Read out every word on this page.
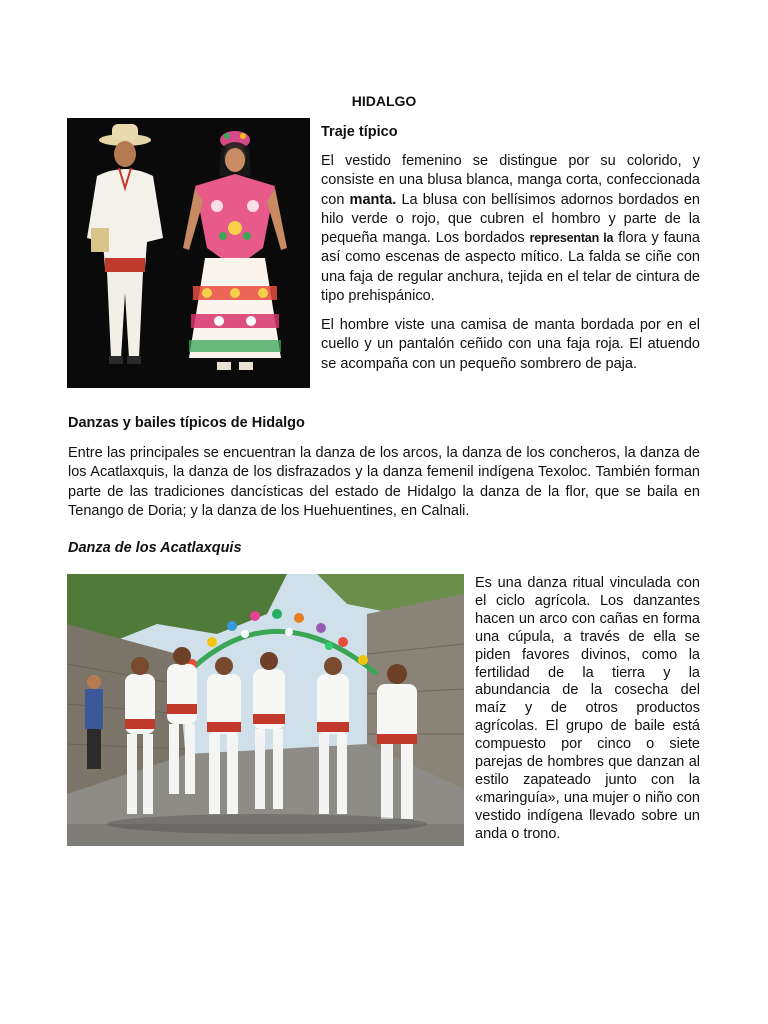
HIDALGO
Traje típico

El vestido femenino se distingue por su colorido, y consiste en una blusa blanca, manga corta, confeccionada con manta. La blusa con bellísimos adornos bordados en hilo verde o rojo, que cubren el hombro y parte de la pequeña manga. Los bordados representan la flora y fauna así como escenas de aspecto mítico. La falda se ciñe con una faja de regular anchura, tejida en el telar de cintura de tipo prehispánico.

El hombre viste una camisa de manta bordada por en el cuello y un pantalón ceñido con una faja roja. El atuendo se acompaña con un pequeño sombrero de paja.

Danzas y bailes típicos de Hidalgo

Entre las principales se encuentran la danza de los arcos, la danza de los concheros, la danza de los Acatlaxquis, la danza de los disfrazados y la danza femenil indígena Texoloc. También forman parte de las tradiciones dancísticas del estado de Hidalgo la danza de la flor, que se baila en Tenango de Doria; y la danza de los Huehuentines, en Calnali.

Danza de los Acatlaxquis

Es una danza ritual vinculada con el ciclo agrícola. Los danzantes hacen un arco con cañas en forma una cúpula, a través de ella se piden favores divinos, como la fertilidad de la tierra y la abundancia de la cosecha del maíz y de otros productos agrícolas. El grupo de baile está compuesto por cinco o siete parejas de hombres que danzan al estilo zapateado junto con la «maringuía», una mujer o niño con vestido indígena llevado sobre un anda o trono.
